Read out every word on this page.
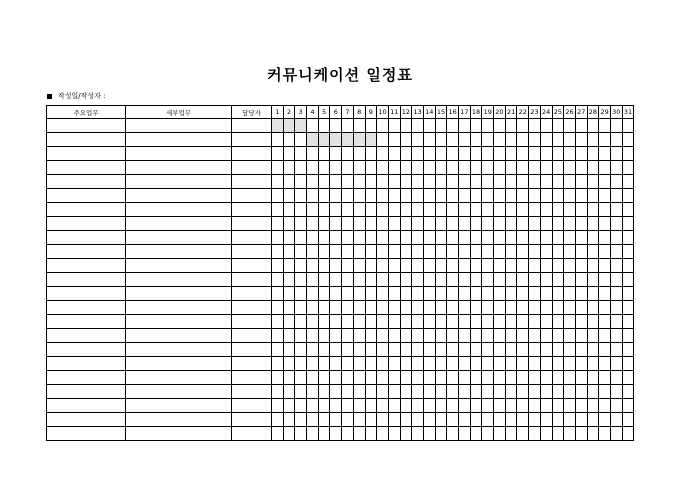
커뮤니케이션 일정표
작성일/작성자 :
주요업무	세부업무	담당자	1	2	3	4	5	6	7	8	9	10	11	12	13	14	15	16	17	18	19	20	21	22	23	24	25	26	27	28	29	30	31
